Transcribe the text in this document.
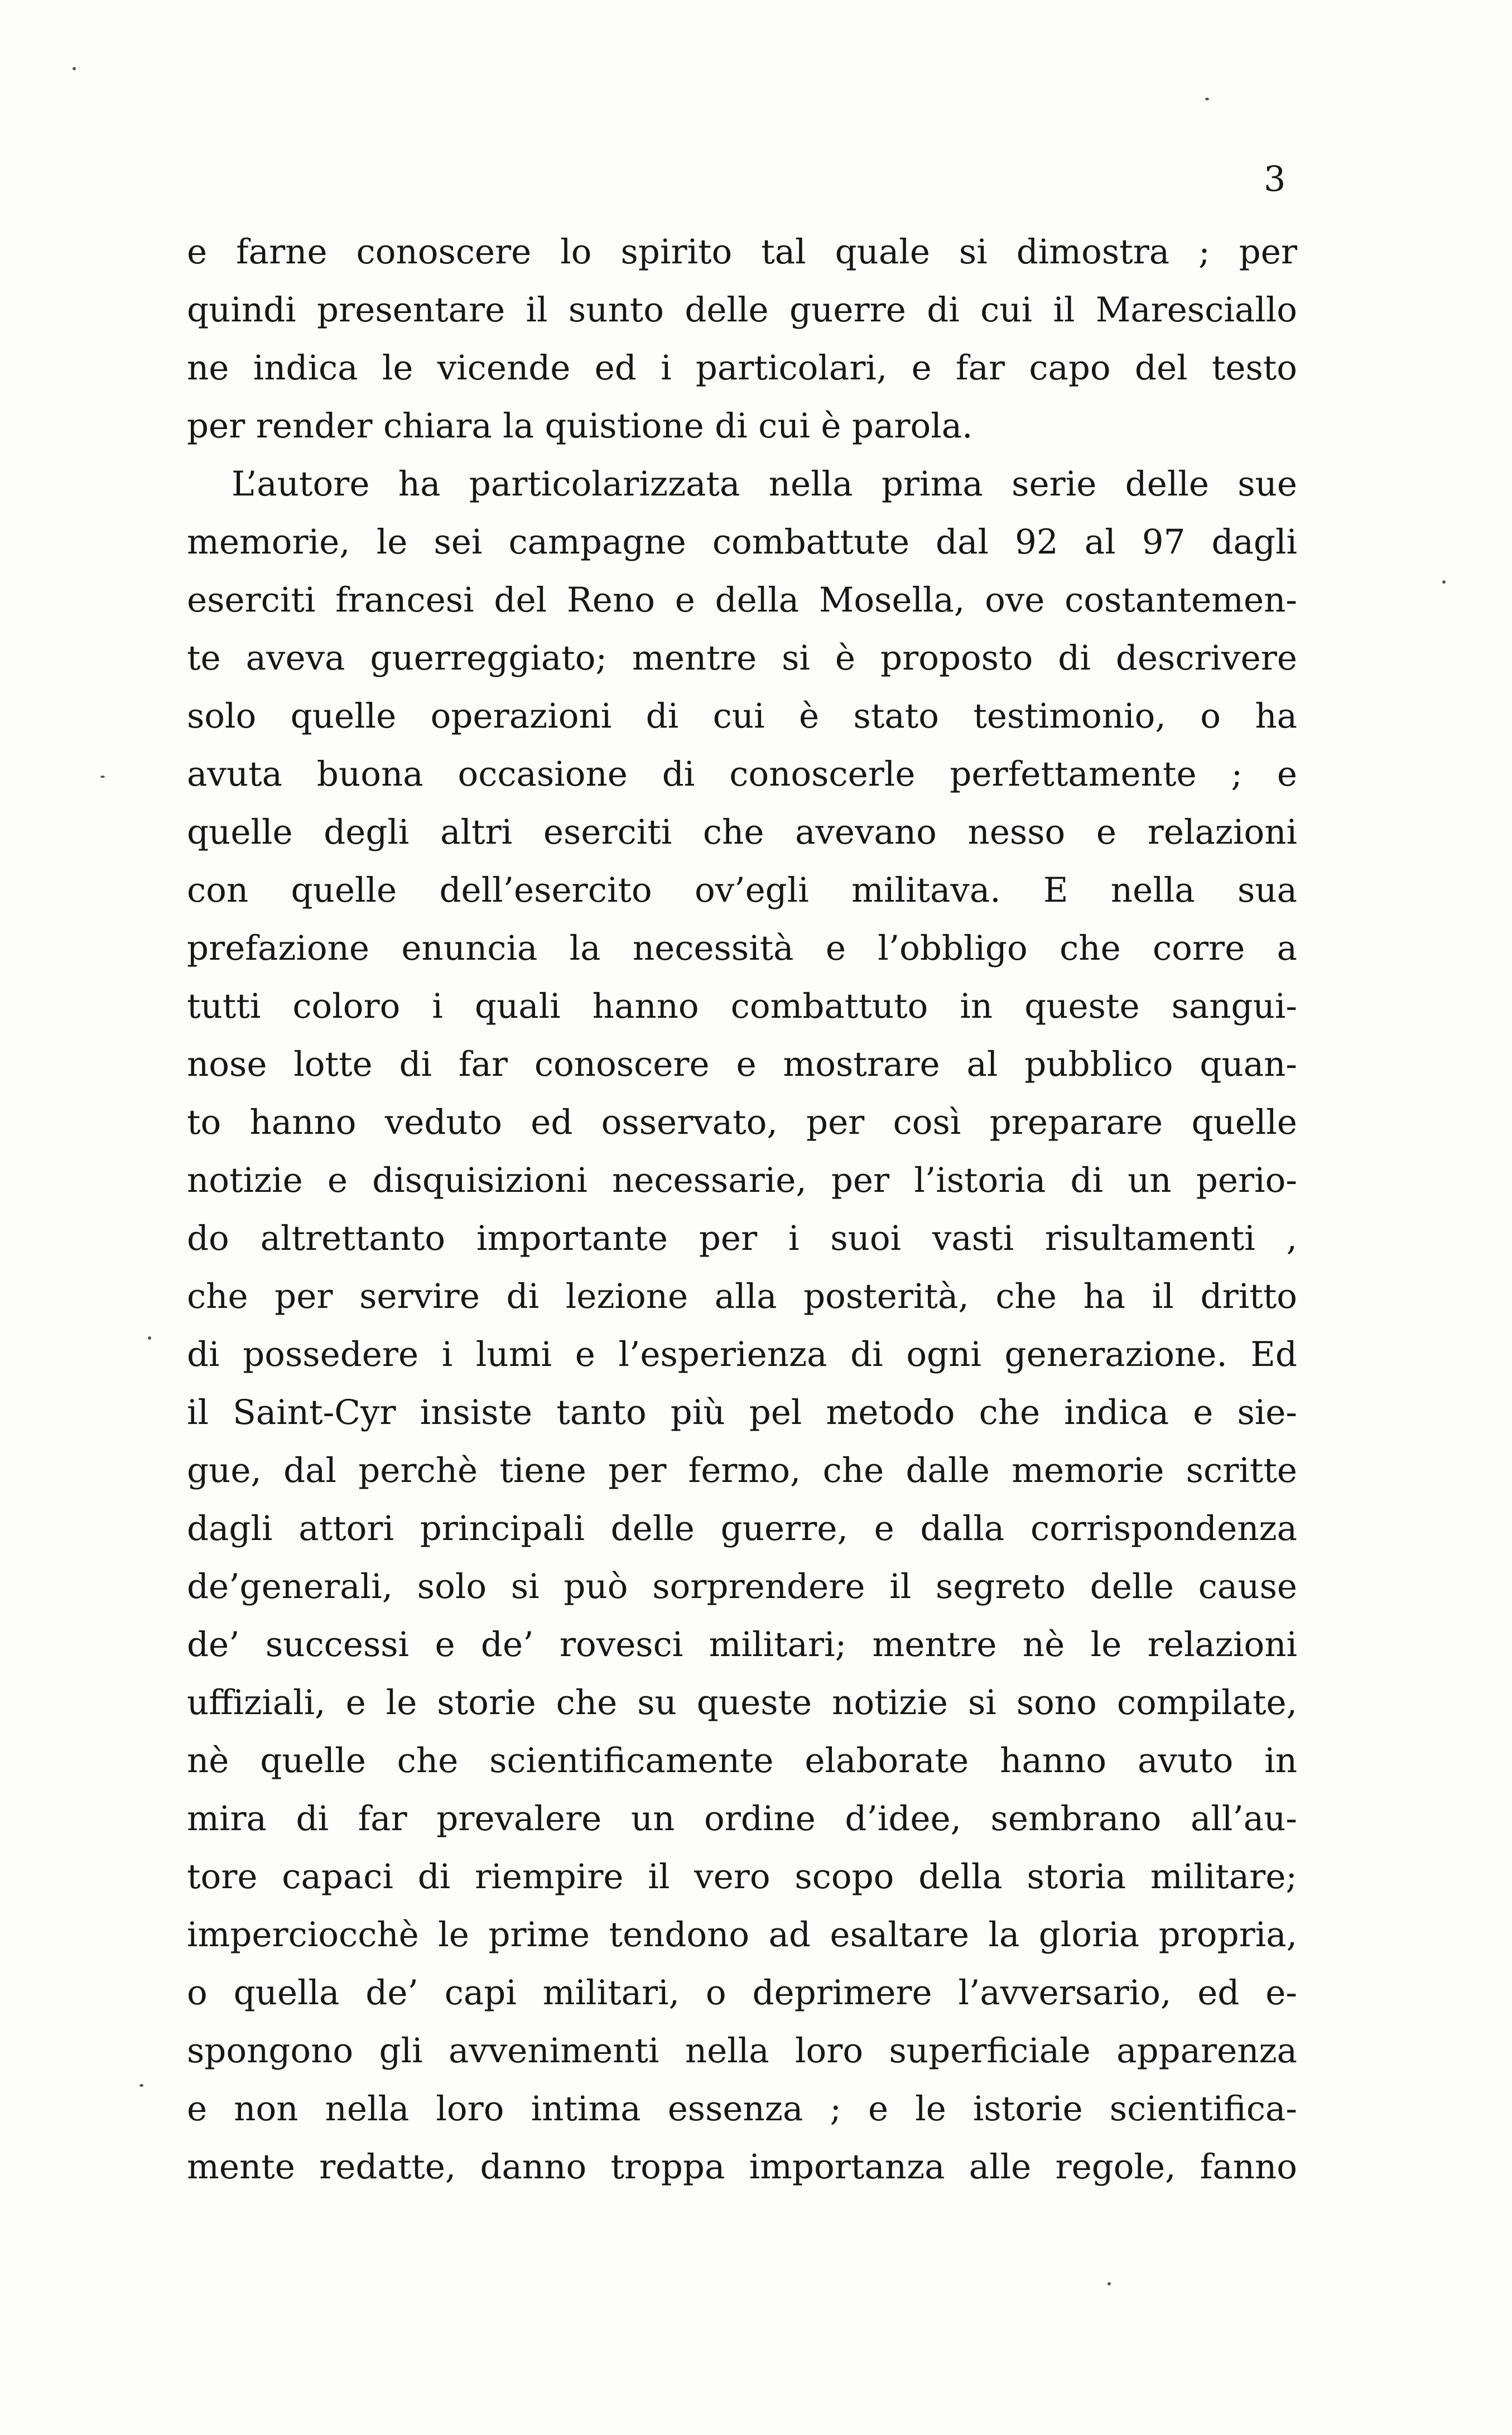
3
e farne conoscere lo spirito tal quale si dimostra ; per
quindi presentare il sunto delle guerre di cui il Maresciallo
ne indica le vicende ed i particolari, e far capo del testo
per render chiara la quistione di cui è parola.
L’autore ha particolarizzata nella prima serie delle sue
memorie, le sei campagne combattute dal 92 al 97 dagli
eserciti francesi del Reno e della Mosella, ove costantemen-
te aveva guerreggiato; mentre si è proposto di descrivere
solo quelle operazioni di cui è stato testimonio, o ha
avuta buona occasione di conoscerle perfettamente ; e
quelle degli altri eserciti che avevano nesso e relazioni
con quelle dell’esercito ov’egli militava. E nella sua
prefazione enuncia la necessità e l’obbligo che corre a
tutti coloro i quali hanno combattuto in queste sangui-
nose lotte di far conoscere e mostrare al pubblico quan-
to hanno veduto ed osservato, per così preparare quelle
notizie e disquisizioni necessarie, per l’istoria di un perio-
do altrettanto importante per i suoi vasti risultamenti ,
che per servire di lezione alla posterità, che ha il dritto
di possedere i lumi e l’esperienza di ogni generazione. Ed
il Saint-Cyr insiste tanto più pel metodo che indica e sie-
gue, dal perchè tiene per fermo, che dalle memorie scritte
dagli attori principali delle guerre, e dalla corrispondenza
de’generali, solo si può sorprendere il segreto delle cause
de’ successi e de’ rovesci militari; mentre nè le relazioni
uffiziali, e le storie che su queste notizie si sono compilate,
nè quelle che scientificamente elaborate hanno avuto in
mira di far prevalere un ordine d’idee, sembrano all’au-
tore capaci di riempire il vero scopo della storia militare;
imperciocchè le prime tendono ad esaltare la gloria propria,
o quella de’ capi militari, o deprimere l’avversario, ed e-
spongono gli avvenimenti nella loro superficiale apparenza
e non nella loro intima essenza ; e le istorie scientifica-
mente redatte, danno troppa importanza alle regole, fanno
